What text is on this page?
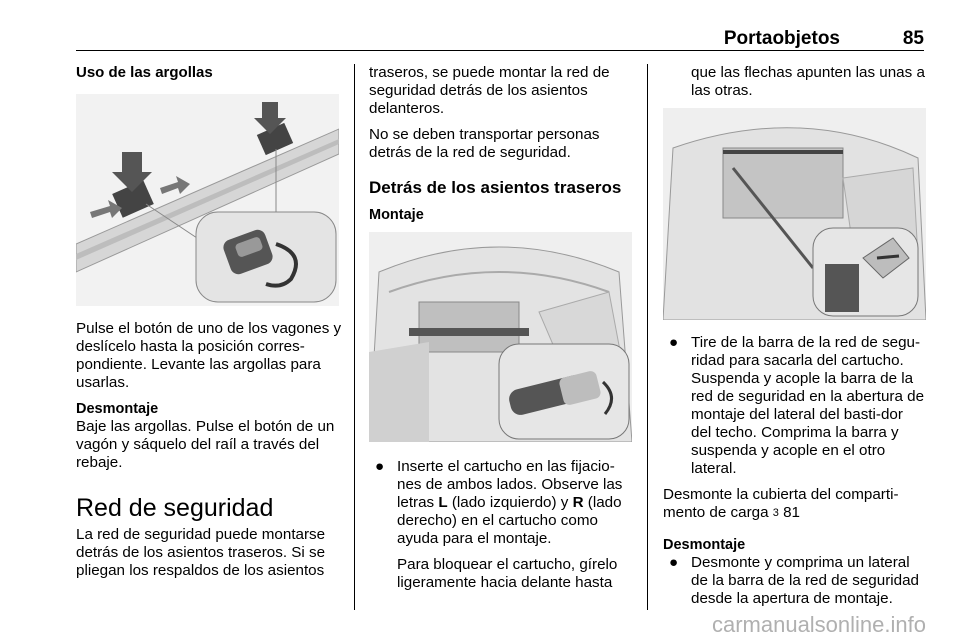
Portaobjetos	85
Uso de las argollas

Pulse el botón de uno de los vagones y deslícelo hasta la posición corres-pondiente. Levante las argollas para usarlas.

Desmontaje

Baje las argollas. Pulse el botón de un vagón y sáquelo del raíl a través del rebaje.

Red de seguridad

La red de seguridad puede montarse detrás de los asientos traseros. Si se pliegan los respaldos de los asientos

traseros, se puede montar la red de seguridad detrás de los asientos delanteros.

No se deben transportar personas detrás de la red de seguridad.

Detrás de los asientos traseros
Montaje
● Inserte el cartucho en las fijacio-nes de ambos lados. Observe las letras L (lado izquierdo) y R (lado derecho) en el cartucho como ayuda para el montaje.

Para bloquear el cartucho, gírelo ligeramente hacia delante hasta

que las flechas apunten las unas a las otras.

● Tire de la barra de la red de segu-ridad para sacarla del cartucho. Suspenda y acople la barra de la red de seguridad en la abertura de montaje del lateral del basti-dor del techo. Comprima la barra y suspenda y acople en el otro lateral.

Desmonte la cubierta del comparti-mento de carga 3 81

Desmontaje
● Desmonte y comprima un lateral de la barra de la red de seguridad desde la apertura de montaje.

carmanualsonline.info
